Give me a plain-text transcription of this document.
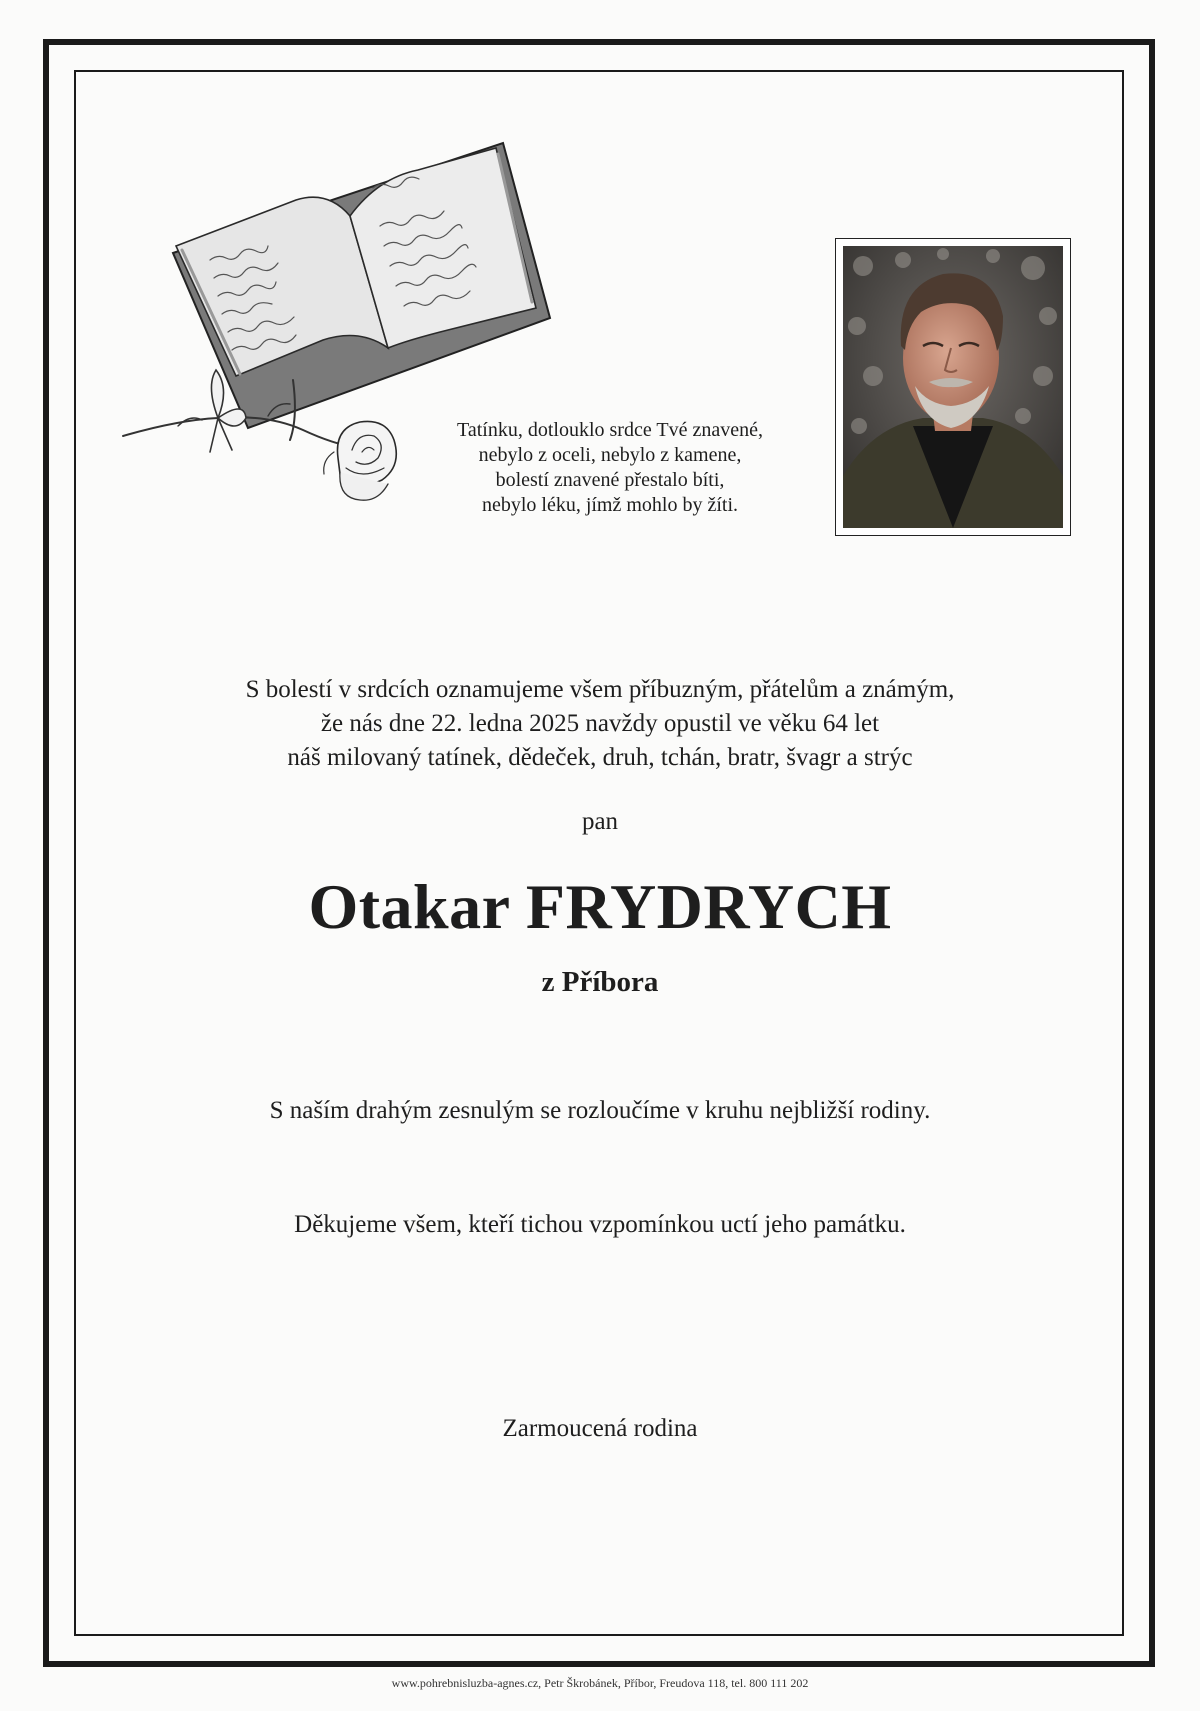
Tatínku, dotlouklo srdce Tvé znavené,
nebylo z oceli, nebylo z kamene,
bolestí znavené přestalo bíti,
nebylo léku, jímž mohlo by žíti.
S bolestí v srdcích oznamujeme všem příbuzným, přátelům a známým,
že nás dne 22. ledna 2025 navždy opustil ve věku 64 let
náš milovaný tatínek, dědeček, druh, tchán, bratr, švagr a strýc
pan
Otakar FRYDRYCH
z Příbora
S naším drahým zesnulým se rozloučíme v kruhu nejbližší rodiny.
Děkujeme všem, kteří tichou vzpomínkou uctí jeho památku.
Zarmoucená rodina
www.pohrebnisluzba-agnes.cz, Petr Škrobánek, Příbor, Freudova 118, tel. 800 111 202
